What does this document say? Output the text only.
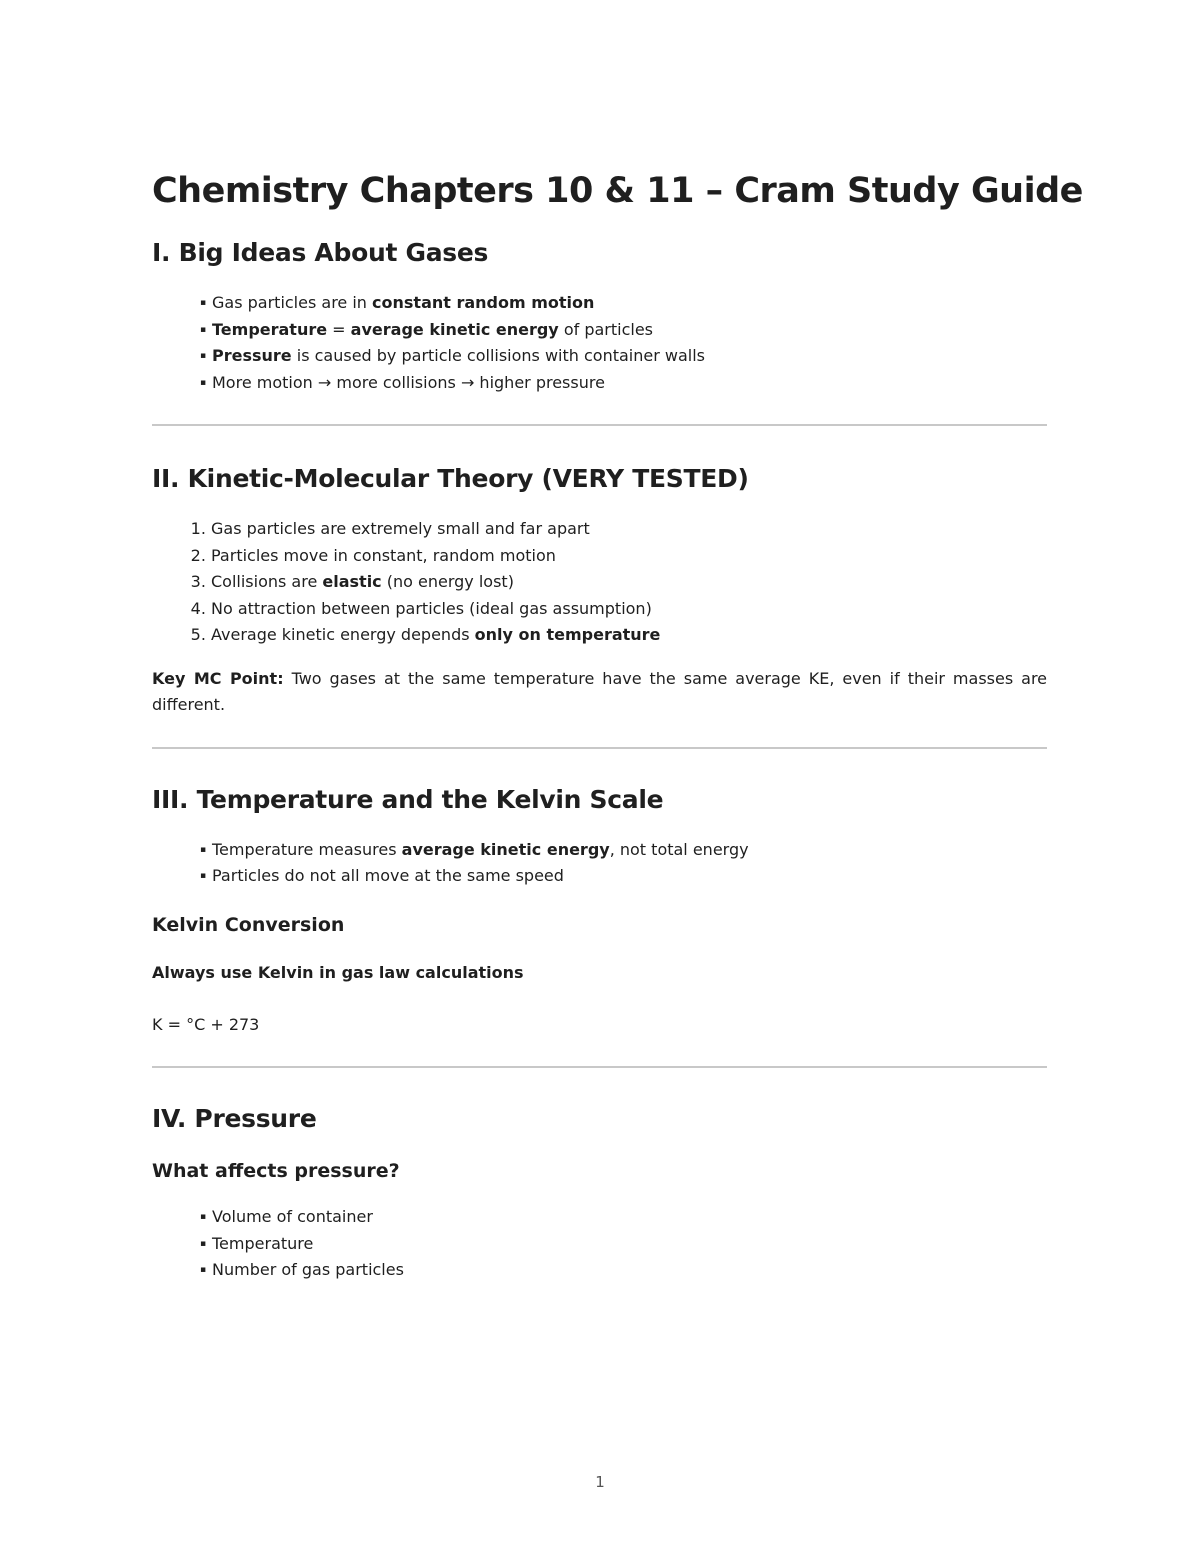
Chemistry Chapters 10 & 11 – Cram Study Guide
I. Big Ideas About Gases
▪ Gas particles are in constant random motion
▪ Temperature = average kinetic energy of particles
▪ Pressure is caused by particle collisions with container walls
▪ More motion → more collisions → higher pressure
II. Kinetic-Molecular Theory (VERY TESTED)
1. Gas particles are extremely small and far apart
2. Particles move in constant, random motion
3. Collisions are elastic (no energy lost)
4. No attraction between particles (ideal gas assumption)
5. Average kinetic energy depends only on temperature

Key MC Point: Two gases at the same temperature have the same average KE, even if their masses are different.

III. Temperature and the Kelvin Scale
▪ Temperature measures average kinetic energy, not total energy
▪ Particles do not all move at the same speed
Kelvin Conversion
Always use Kelvin in gas law calculations

K = °C + 273

IV. Pressure
What affects pressure?
▪ Volume of container
▪ Temperature
▪ Number of gas particles
1
